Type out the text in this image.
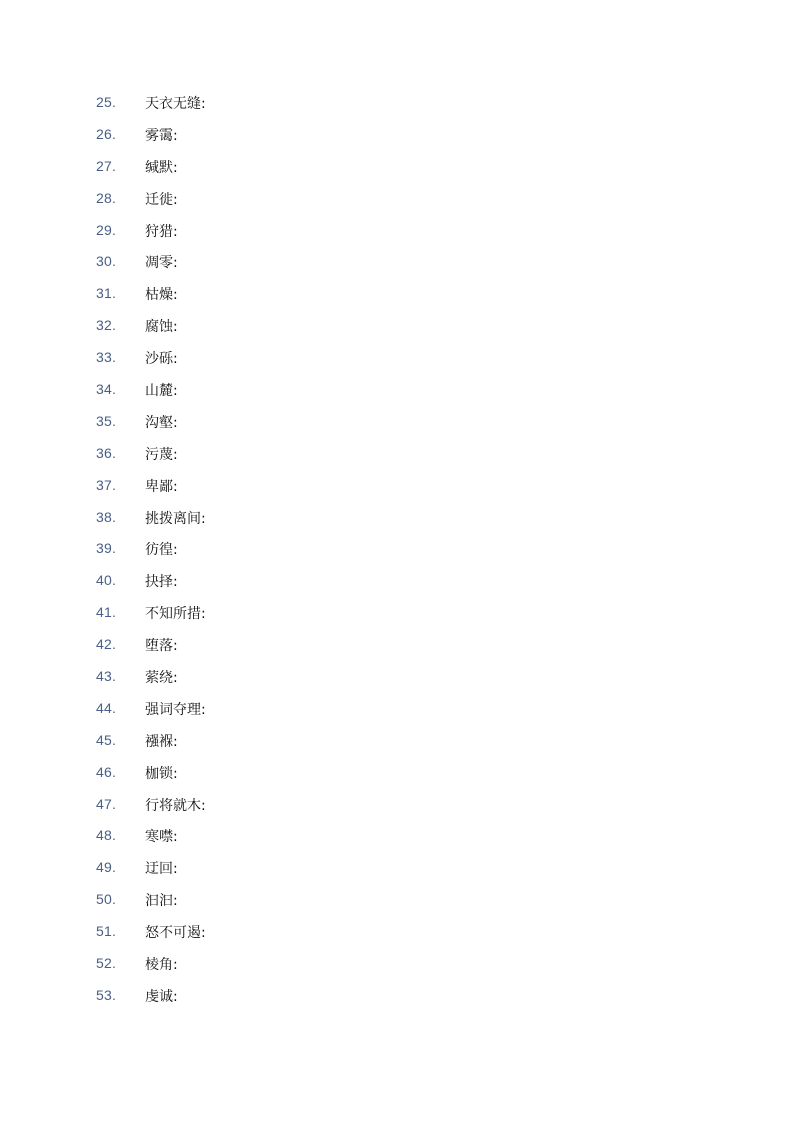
25. 天衣无缝:
26. 雾霭:
27. 缄默:
28. 迁徙:
29. 狩猎:
30. 凋零:
31. 枯燥:
32. 腐蚀:
33. 沙砾:
34. 山麓:
35. 沟壑:
36. 污蔑:
37. 卑鄙:
38. 挑拨离间:
39. 彷徨:
40. 抉择:
41. 不知所措:
42. 堕落:
43. 萦绕:
44. 强词夺理:
45. 襁褓:
46. 枷锁:
47. 行将就木:
48. 寒噤:
49. 迂回:
50. 汩汩:
51. 怒不可遏:
52. 棱角:
53. 虔诚:
